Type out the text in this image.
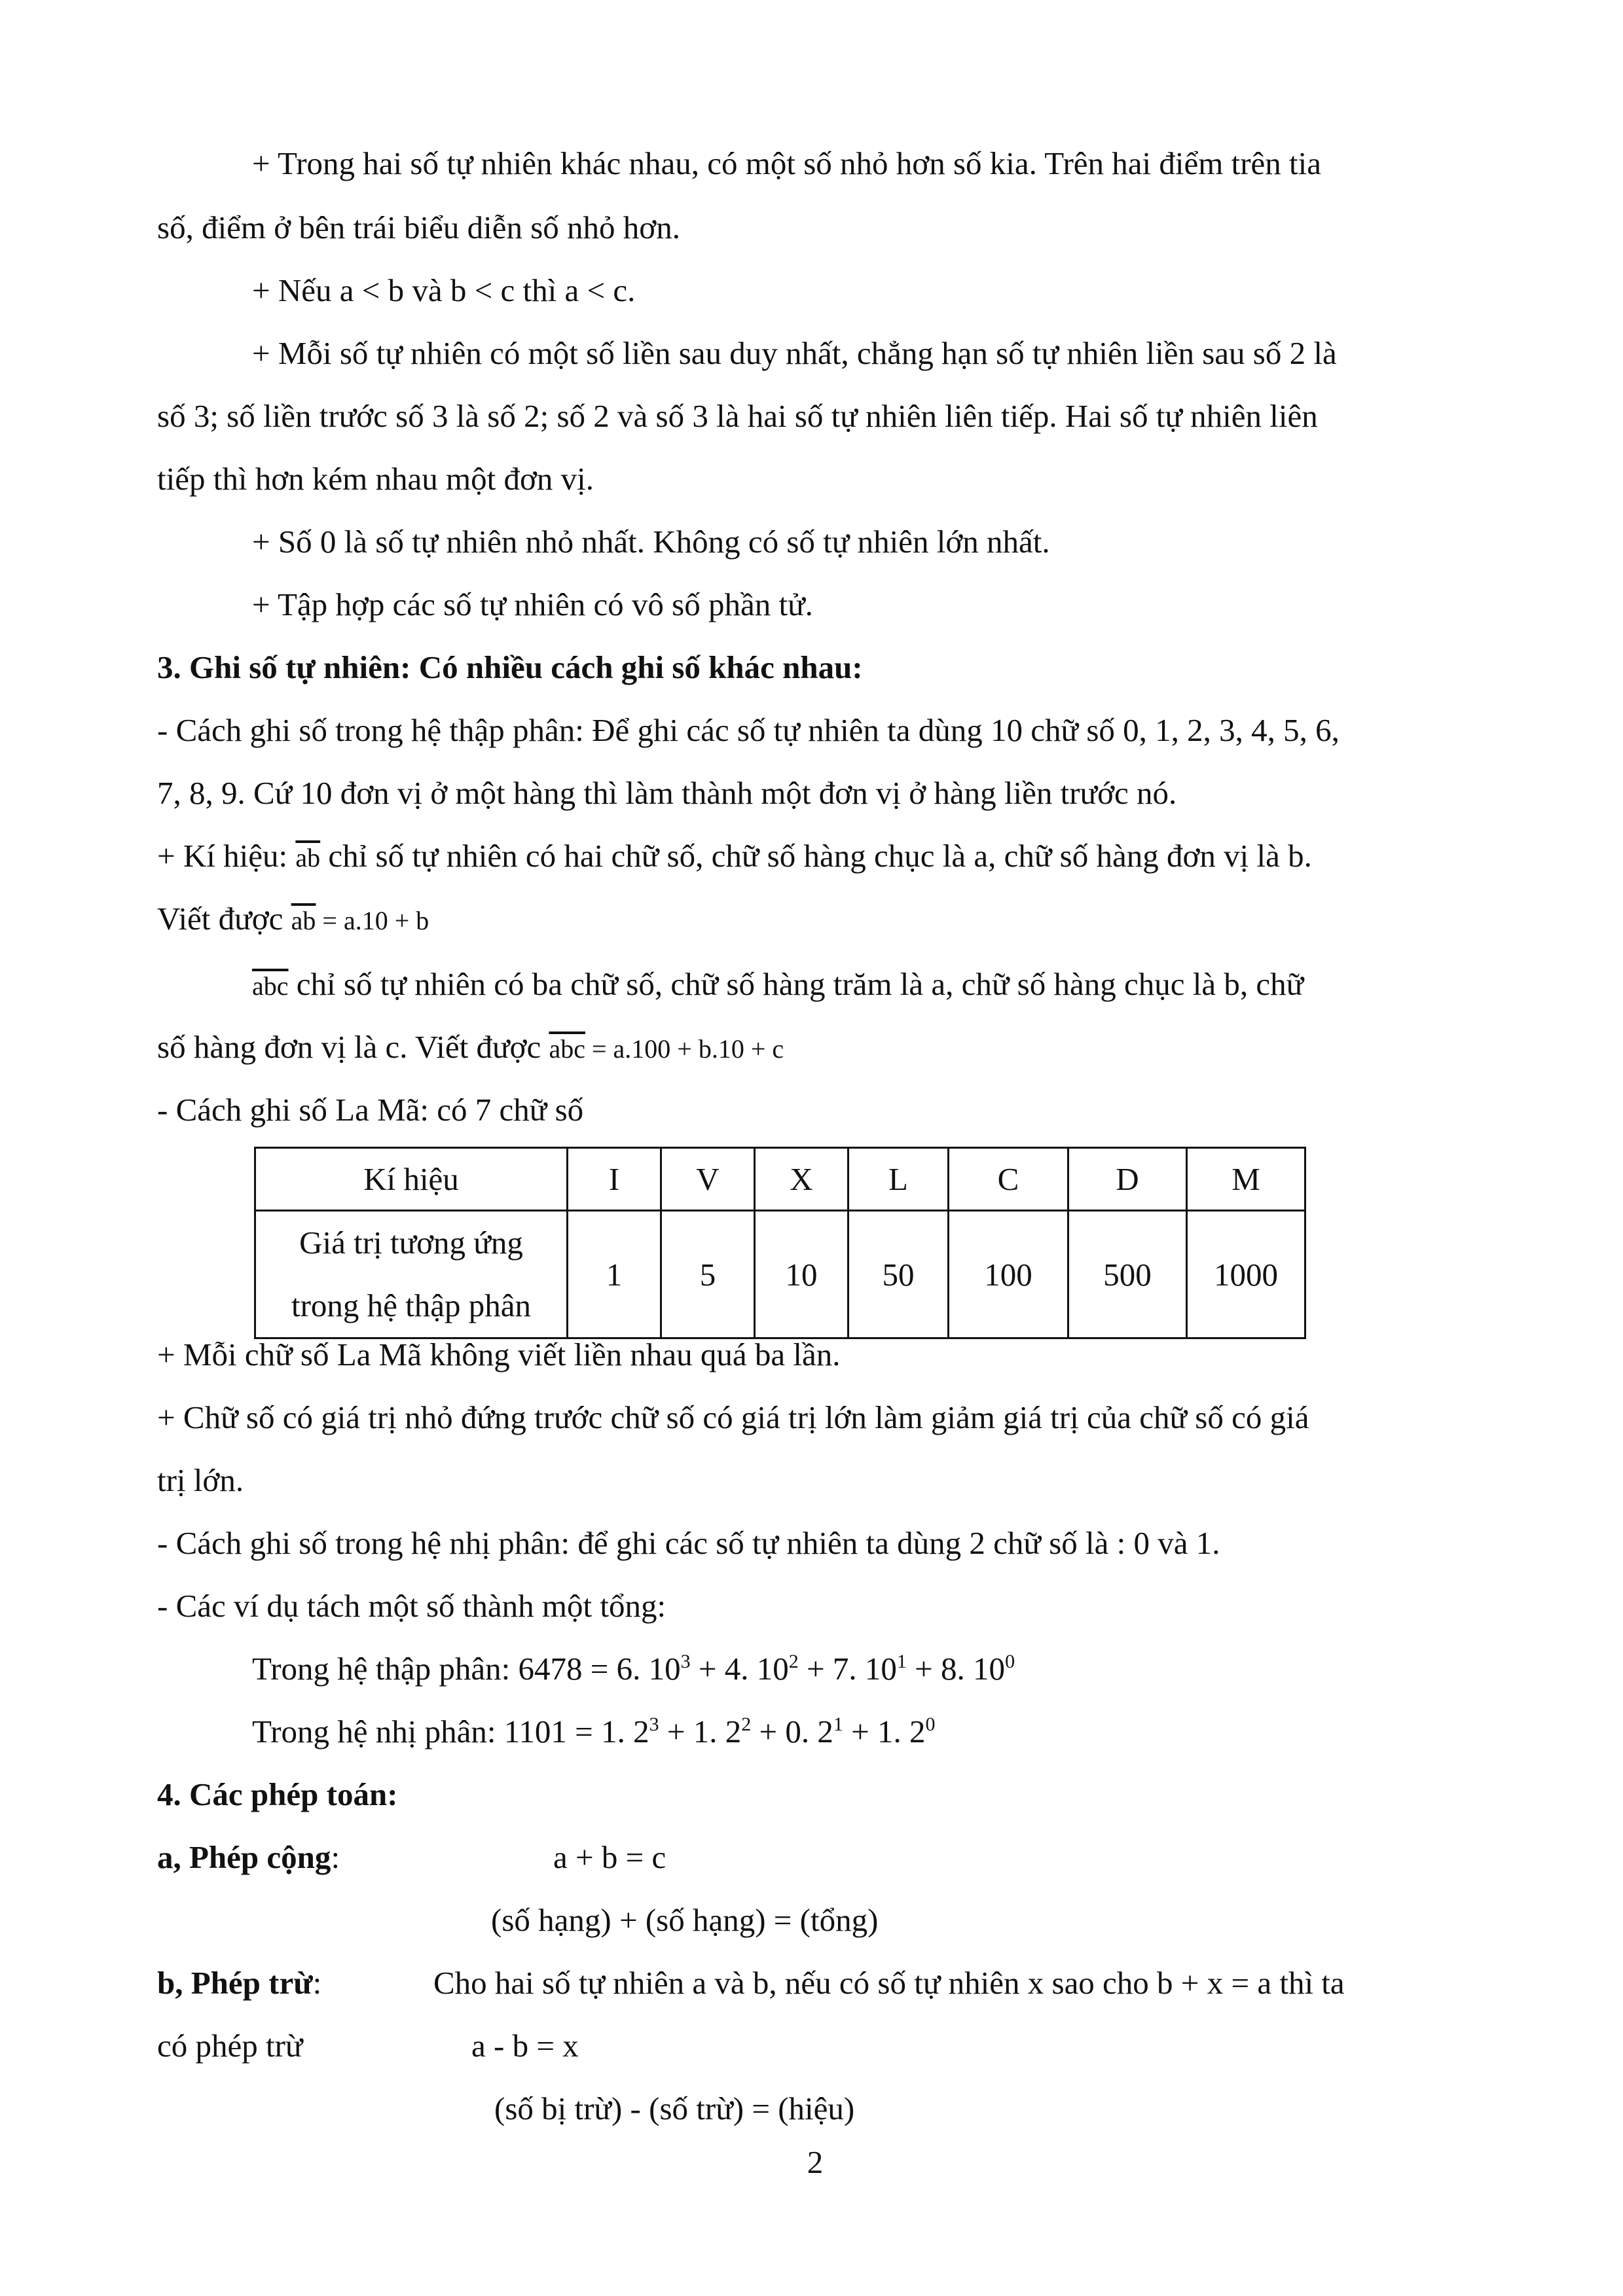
+ Trong hai số tự nhiên khác nhau, có một số nhỏ hơn số kia. Trên hai điểm trên tia
số, điểm ở bên trái biểu diễn số nhỏ hơn.
+ Nếu a < b và b < c thì a < c.
+ Mỗi số tự nhiên có một số liền sau duy nhất, chẳng hạn số tự nhiên liền sau số 2 là
số 3; số liền trước số 3 là số 2; số 2 và số 3 là hai số tự nhiên liên tiếp. Hai số tự nhiên liên
tiếp thì hơn kém nhau một đơn vị.
+ Số 0 là số tự nhiên nhỏ nhất. Không có số tự nhiên lớn nhất.
+ Tập hợp các số tự nhiên có vô số phần tử.
3. Ghi số tự nhiên: Có nhiều cách ghi số khác nhau:
- Cách ghi số trong hệ thập phân: Để ghi các số tự nhiên ta dùng 10 chữ số 0, 1, 2, 3, 4, 5, 6,
7, 8, 9. Cứ 10 đơn vị ở một hàng thì làm thành một đơn vị ở hàng liền trước nó.
+ Kí hiệu: $\overline{ab}$ chỉ số tự nhiên có hai chữ số, chữ số hàng chục là a, chữ số hàng đơn vị là b.
Viết được $\overline{ab} = a.10 + b$
$\overline{abc}$ chỉ số tự nhiên có ba chữ số, chữ số hàng trăm là a, chữ số hàng chục là b, chữ
số hàng đơn vị là c. Viết được $\overline{abc} = a.100 + b.10 + c$
- Cách ghi số La Mã: có 7 chữ số
Kí hiệu	I	V	X	L	C	D	M

Giá trị tương ứng
trong hệ thập phân	1	5	10	50	100	500	1000
+ Mỗi chữ số La Mã không viết liền nhau quá ba lần.
+ Chữ số có giá trị nhỏ đứng trước chữ số có giá trị lớn làm giảm giá trị của chữ số có giá
trị lớn.
- Cách ghi số trong hệ nhị phân: để ghi các số tự nhiên ta dùng 2 chữ số là : 0 và 1.
- Các ví dụ tách một số thành một tổng:
Trong hệ thập phân: 6478 = 6. $10^3 + 4$. $10^2 + 7$. $10^1 + 8$. $10^0$
Trong hệ nhị phân: 1101 = 1. $2^3 + 1$. $2^2 + 0$. $2^1 + 1$. $2^0$
4. Các phép toán:
a, Phép cộng:	a + b = c
(số hạng) + (số hạng) = (tổng)
b, Phép trừ:	Cho hai số tự nhiên a và b, nếu có số tự nhiên x sao cho b + x = a thì ta
có phép trừ	a - b = x
(số bị trừ) - (số trừ) = (hiệu)
2
